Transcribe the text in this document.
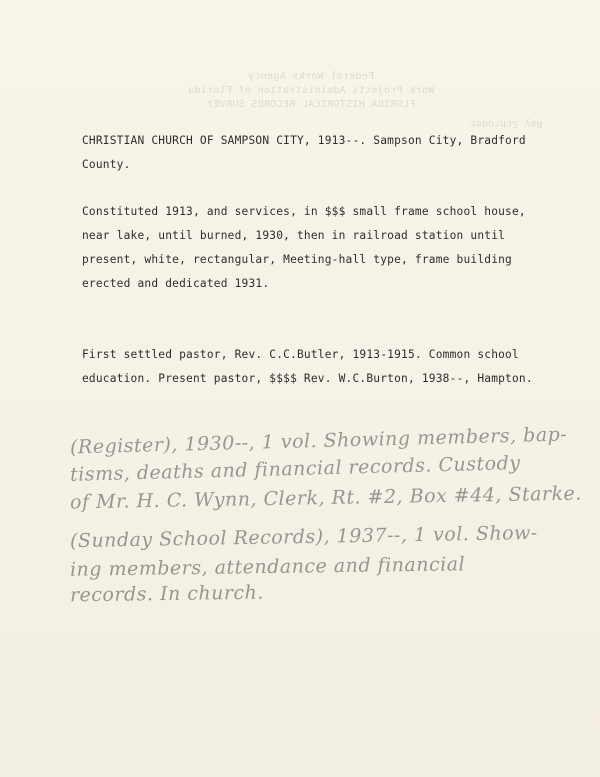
Federal Works Agency
Work Projects Administration of Florida
FLORIDA HISTORICAL RECORDS SURVEY
Roy Schroder
CHRISTIAN CHURCH OF SAMPSON CITY, 1913--. Sampson City, Bradford
County.
Constituted 1913, and services, in $$$ small frame school house,
near lake, until burned, 1930, then in railroad station until
present, white, rectangular, Meeting-hall type, frame building
erected and dedicated 1931.
First settled pastor, Rev. C.C.Butler, 1913-1915. Common school
education. Present pastor, $$$$ Rev. W.C.Burton, 1938--, Hampton.
(Register), 1930--, 1 vol. Showing members, bap-
tisms, deaths and financial records. Custody
of Mr. H. C. Wynn, Clerk, Rt. #2, Box #44, Starke.
(Sunday School Records), 1937--, 1 vol. Show-
ing members, attendance and financial
records. In church.
